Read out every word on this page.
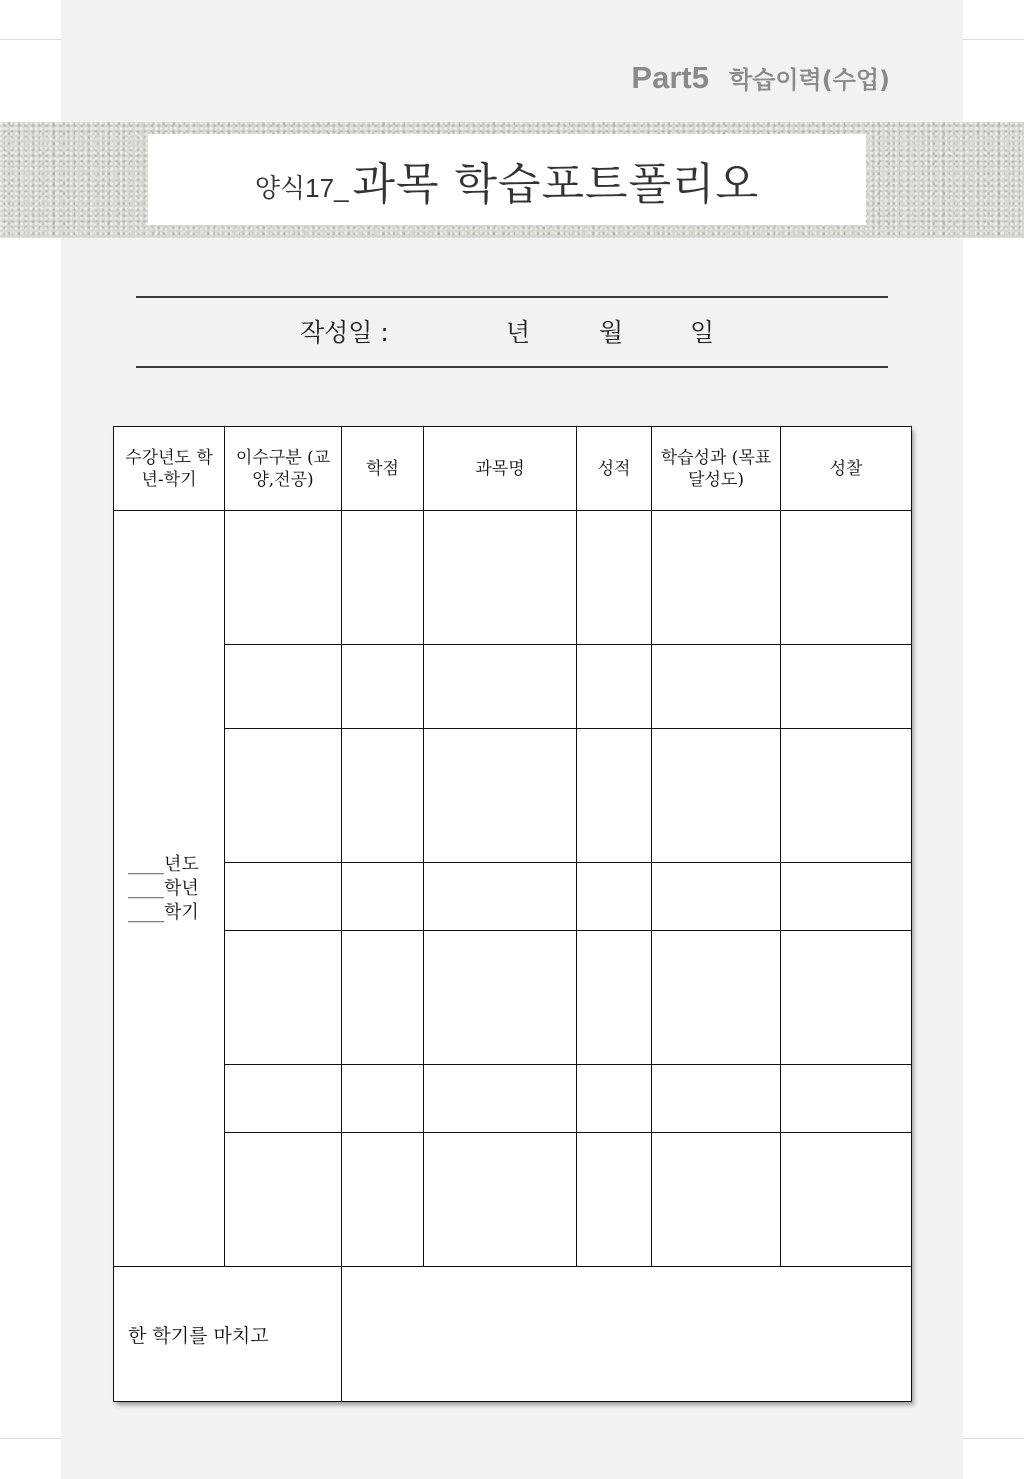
Part5 학습이력(수업)
양식17_ 과목 학습포트폴리오
작성일 :	년	월	일
수강년도 학년-학기	이수구분 (교양,전공)	학점	과목명	성적	학습성과 (목표달성도)	성찰

____년도
____학년
____학기						

한 학기를 마치고						
